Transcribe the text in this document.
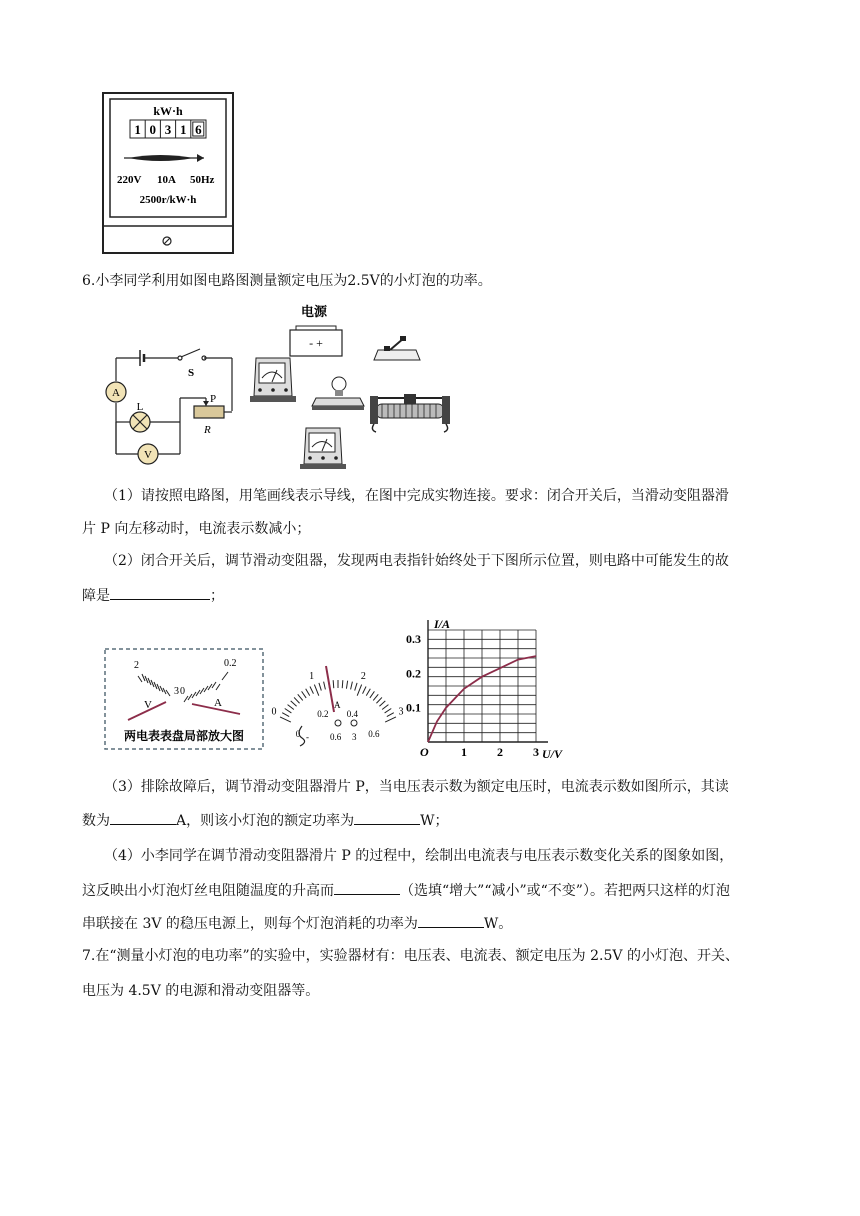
kW·h
1 0 3 1 6
220V 10A 50Hz
2500r/kW·h
6.小李同学利用如图电路图测量额定电压为2.5V的小灯泡的功率。
A
L
V
S
P
R
电源
- +
（1）请按照电路图，用笔画线表示导线，在图中完成实物连接。要求：闭合开关后，当滑动变阻器滑
片 P 向左移动时，电流表示数减小；
（2）闭合开关后，调节滑动变阻器，发现两电表指针始终处于下图所示位置，则电路中可能发生的故
障是	；
2
3
V
0.2
0
A
两电表表盘局部放大图
0
1	2
3
0
0.2 0.4
0.6
A
- 0.6 3
0.1
0.2
0.3
1	2	3
I/A
U/V
O
（3）排除故障后，调节滑动变阻器滑片 P，当电压表示数为额定电压时，电流表示数如图所示，其读
数为	A，则该小灯泡的额定功率为	W；
（4）小李同学在调节滑动变阻器滑片 P 的过程中，绘制出电流表与电压表示数变化关系的图象如图，
这反映出小灯泡灯丝电阻随温度的升高而	（选填“增大”“减小”或“不变”）。若把两只这样的灯泡
串联接在 3V 的稳压电源上，则每个灯泡消耗的功率为	W。
7.在“测量小灯泡的电功率”的实验中，实验器材有：电压表、电流表、额定电压为 2.5V 的小灯泡、开关、
电压为 4.5V 的电源和滑动变阻器等。
